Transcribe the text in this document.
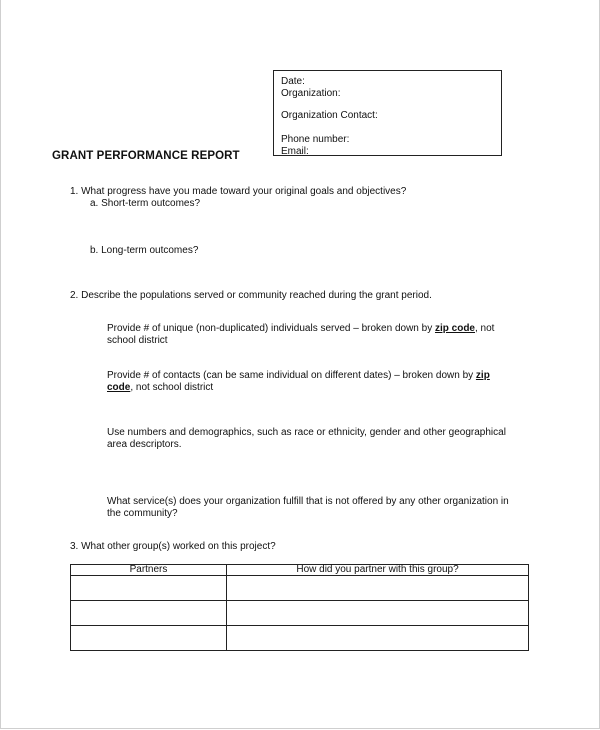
Date:
Organization:
Organization Contact:
Phone number:
Email:
GRANT PERFORMANCE REPORT
1. What progress have you made toward your original goals and objectives?
a. Short-term outcomes?
b. Long-term outcomes?
2. Describe the populations served or community reached during the grant period.
Provide # of unique (non-duplicated) individuals served – broken down by zip code, not
school district
Provide # of contacts (can be same individual on different dates) – broken down by zip
code, not school district
Use numbers and demographics, such as race or ethnicity, gender and other geographical
area descriptors.
What service(s) does your organization fulfill that is not offered by any other organization in
the community?
3. What other group(s) worked on this project?
Partners	How did you partner with this group?
